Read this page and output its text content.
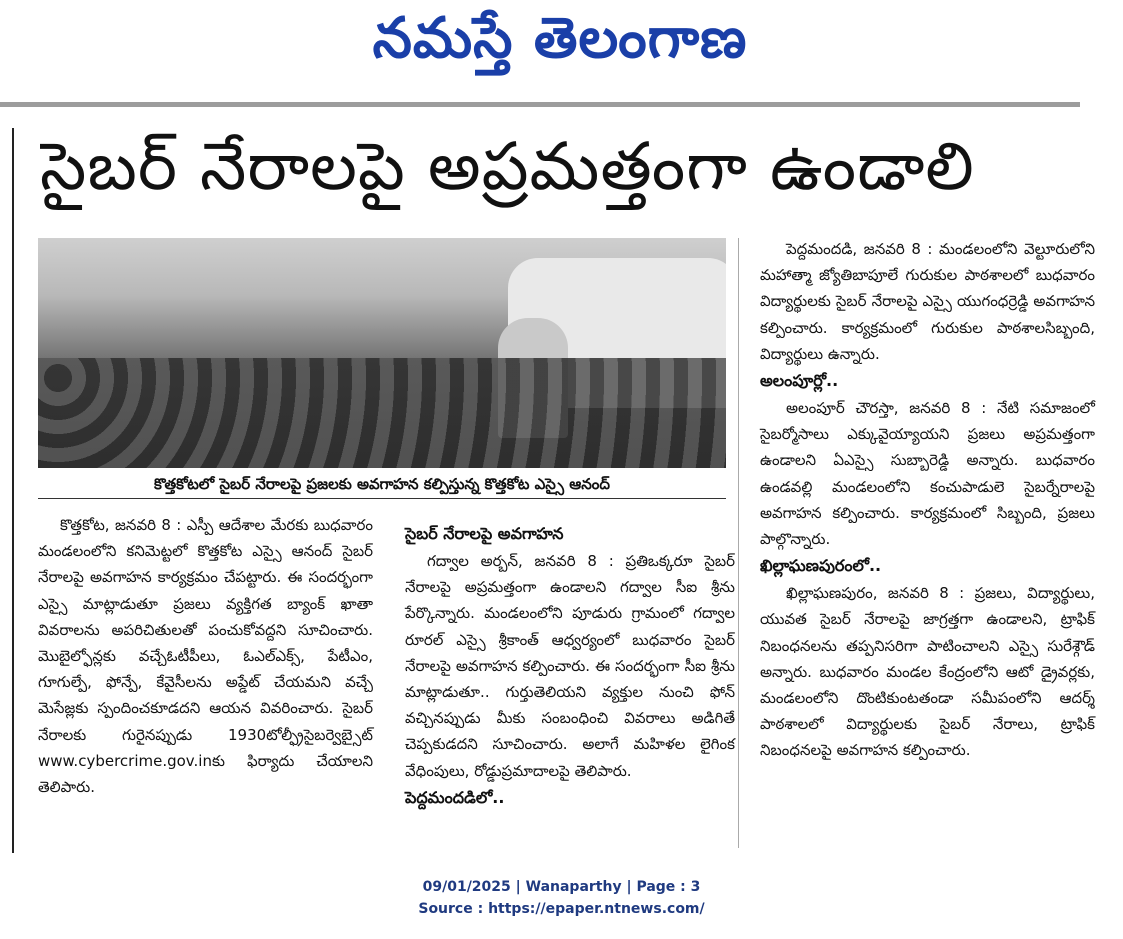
నమస్తే తెలంగాణ
సైబర్ నేరాలపై అప్రమత్తంగా ఉండాలి
కొత్తకోటలో సైబర్ నేరాలపై ప్రజలకు అవగాహన కల్పిస్తున్న కొత్తకోట ఎస్సై ఆనంద్

కొత్తకోట, జనవరి 8 : ఎస్పీ ఆదేశాల మేరకు బుధవారం మండలంలోని కనిమెట్టలో కొత్తకోట ఎస్సై ఆనంద్ సైబర్ నేరాలపై అవగాహన కార్యక్రమం చేపట్టారు. ఈ సందర్భంగా ఎస్సై మాట్లాడుతూ ప్రజలు వ్యక్తిగత బ్యాంక్ ఖాతా వివరాలను అపరిచితులతో పంచుకోవద్దని సూచించారు. మొబైల్ఫోన్లకు వచ్చేఓటీపీలు, ఓఎల్ఎక్స్, పేటీఎం, గూగుల్పే, ఫోన్పే, కేవైసీలను అప్డేట్ చేయమని వచ్చే మెసేజ్లకు స్పందించకూడదని ఆయన వివరించారు. సైబర్ నేరాలకు గురైనప్పుడు 1930టోల్ఫ్రీసైబర్వెబ్సైట్ www.cybercrime.gov.inకు ఫిర్యాదు చేయాలని తెలిపారు.

సైబర్ నేరాలపై అవగాహన

గద్వాల అర్బన్, జనవరి 8 : ప్రతిఒక్కరూ సైబర్ నేరాలపై అప్రమత్తంగా ఉండాలని గద్వాల సీఐ శ్రీను పేర్కొన్నారు. మండలంలోని పూడురు గ్రామంలో గద్వాల రూరల్ ఎస్సై శ్రీకాంత్ ఆధ్వర్యంలో బుధవారం సైబర్ నేరాలపై అవగాహన కల్పించారు. ఈ సందర్భంగా సీఐ శ్రీను మాట్లాడుతూ.. గుర్తుతెలియని వ్యక్తుల నుంచి ఫోన్ వచ్చినప్పుడు మీకు సంబంధించి వివరాలు అడిగితే చెప్పకుడదని సూచించారు. అలాగే మహిళల లైగింక వేధింపులు, రోడ్డుప్రమాదాలపై తెలిపారు.

పెద్దమందడిలో..

పెద్దమందడి, జనవరి 8 : మండలంలోని వెల్టూరులోని మహాత్మా జ్యోతిబాపూలే గురుకుల పాఠశాలలో బుధవారం విద్యార్థులకు సైబర్ నేరాలపై ఎస్సై యుగంధర్రెడ్డి అవగాహన కల్పించారు. కార్యక్రమంలో గురుకుల పాఠశాలసిబ్బంది, విద్యార్థులు ఉన్నారు.

అలంపూర్లో..

అలంపూర్ చౌరస్తా, జనవరి 8 : నేటి సమాజంలో సైబర్మోసాలు ఎక్కువైయ్యాయని ప్రజలు అప్రమత్తంగా ఉండాలని ఏఎస్సై సుబ్బారెడ్డి అన్నారు. బుధవారం ఉండవల్లి మండలంలోని కంచుపాడులె సైబర్నేరాలపై అవగాహన కల్పించారు. కార్యక్రమంలో సిబ్బంది, ప్రజలు పాల్గొన్నారు.

ఖిల్లాఘణపురంలో..

ఖిల్లాఘణపురం, జనవరి 8 : ప్రజలు, విద్యార్థులు, యువత సైబర్ నేరాలపై జాగ్రత్తగా ఉండాలని, ట్రాఫిక్ నిబంధనలను తప్పనిసరిగా పాటించాలని ఎస్సై సురేశ్గౌడ్ అన్నారు. బుధవారం మండల కేంద్రంలోని ఆటో డ్రైవర్లకు, మండలంలోని దొంటికుంటతండా సమీపంలోని ఆదర్శ్ పాఠశాలలో విద్యార్థులకు సైబర్ నేరాలు, ట్రాఫిక్ నిబంధనలపై అవగాహన కల్పించారు.

09/01/2025 | Wanaparthy | Page : 3
Source : https://epaper.ntnews.com/
